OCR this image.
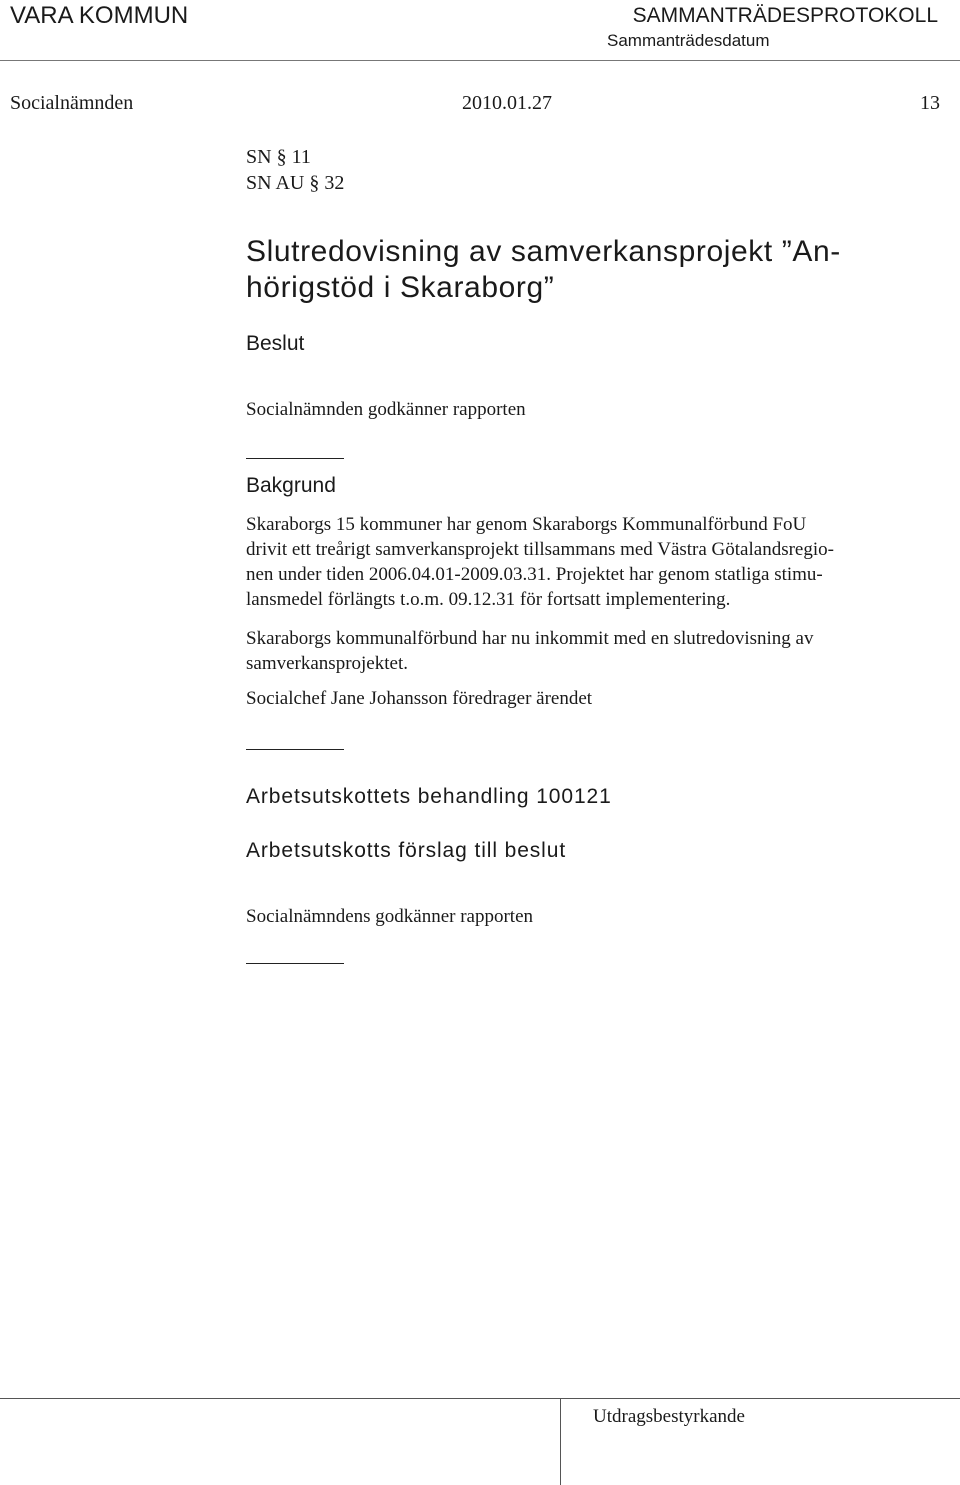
VARA KOMMUN	SAMMANTRÄDESPROTOKOLL
Sammanträdesdatum
Socialnämnden	2010.01.27	13
SN § 11
SN AU § 32
Slutredovisning av samverkansprojekt ”An-
hörigstöd i Skaraborg”
Beslut
Socialnämnden godkänner rapporten
Bakgrund
Skaraborgs 15 kommuner har genom Skaraborgs Kommunalförbund FoU
drivit ett treårigt samverkansprojekt tillsammans med Västra Götalandsregio-
nen under tiden 2006.04.01-2009.03.31. Projektet har genom statliga stimu-
lansmedel förlängts t.o.m. 09.12.31 för fortsatt implementering.
Skaraborgs kommunalförbund har nu inkommit med en slutredovisning av
samverkansprojektet.
Socialchef Jane Johansson föredrager ärendet
Arbetsutskottets behandling 100121
Arbetsutskotts förslag till beslut
Socialnämndens godkänner rapporten
Utdragsbestyrkande
